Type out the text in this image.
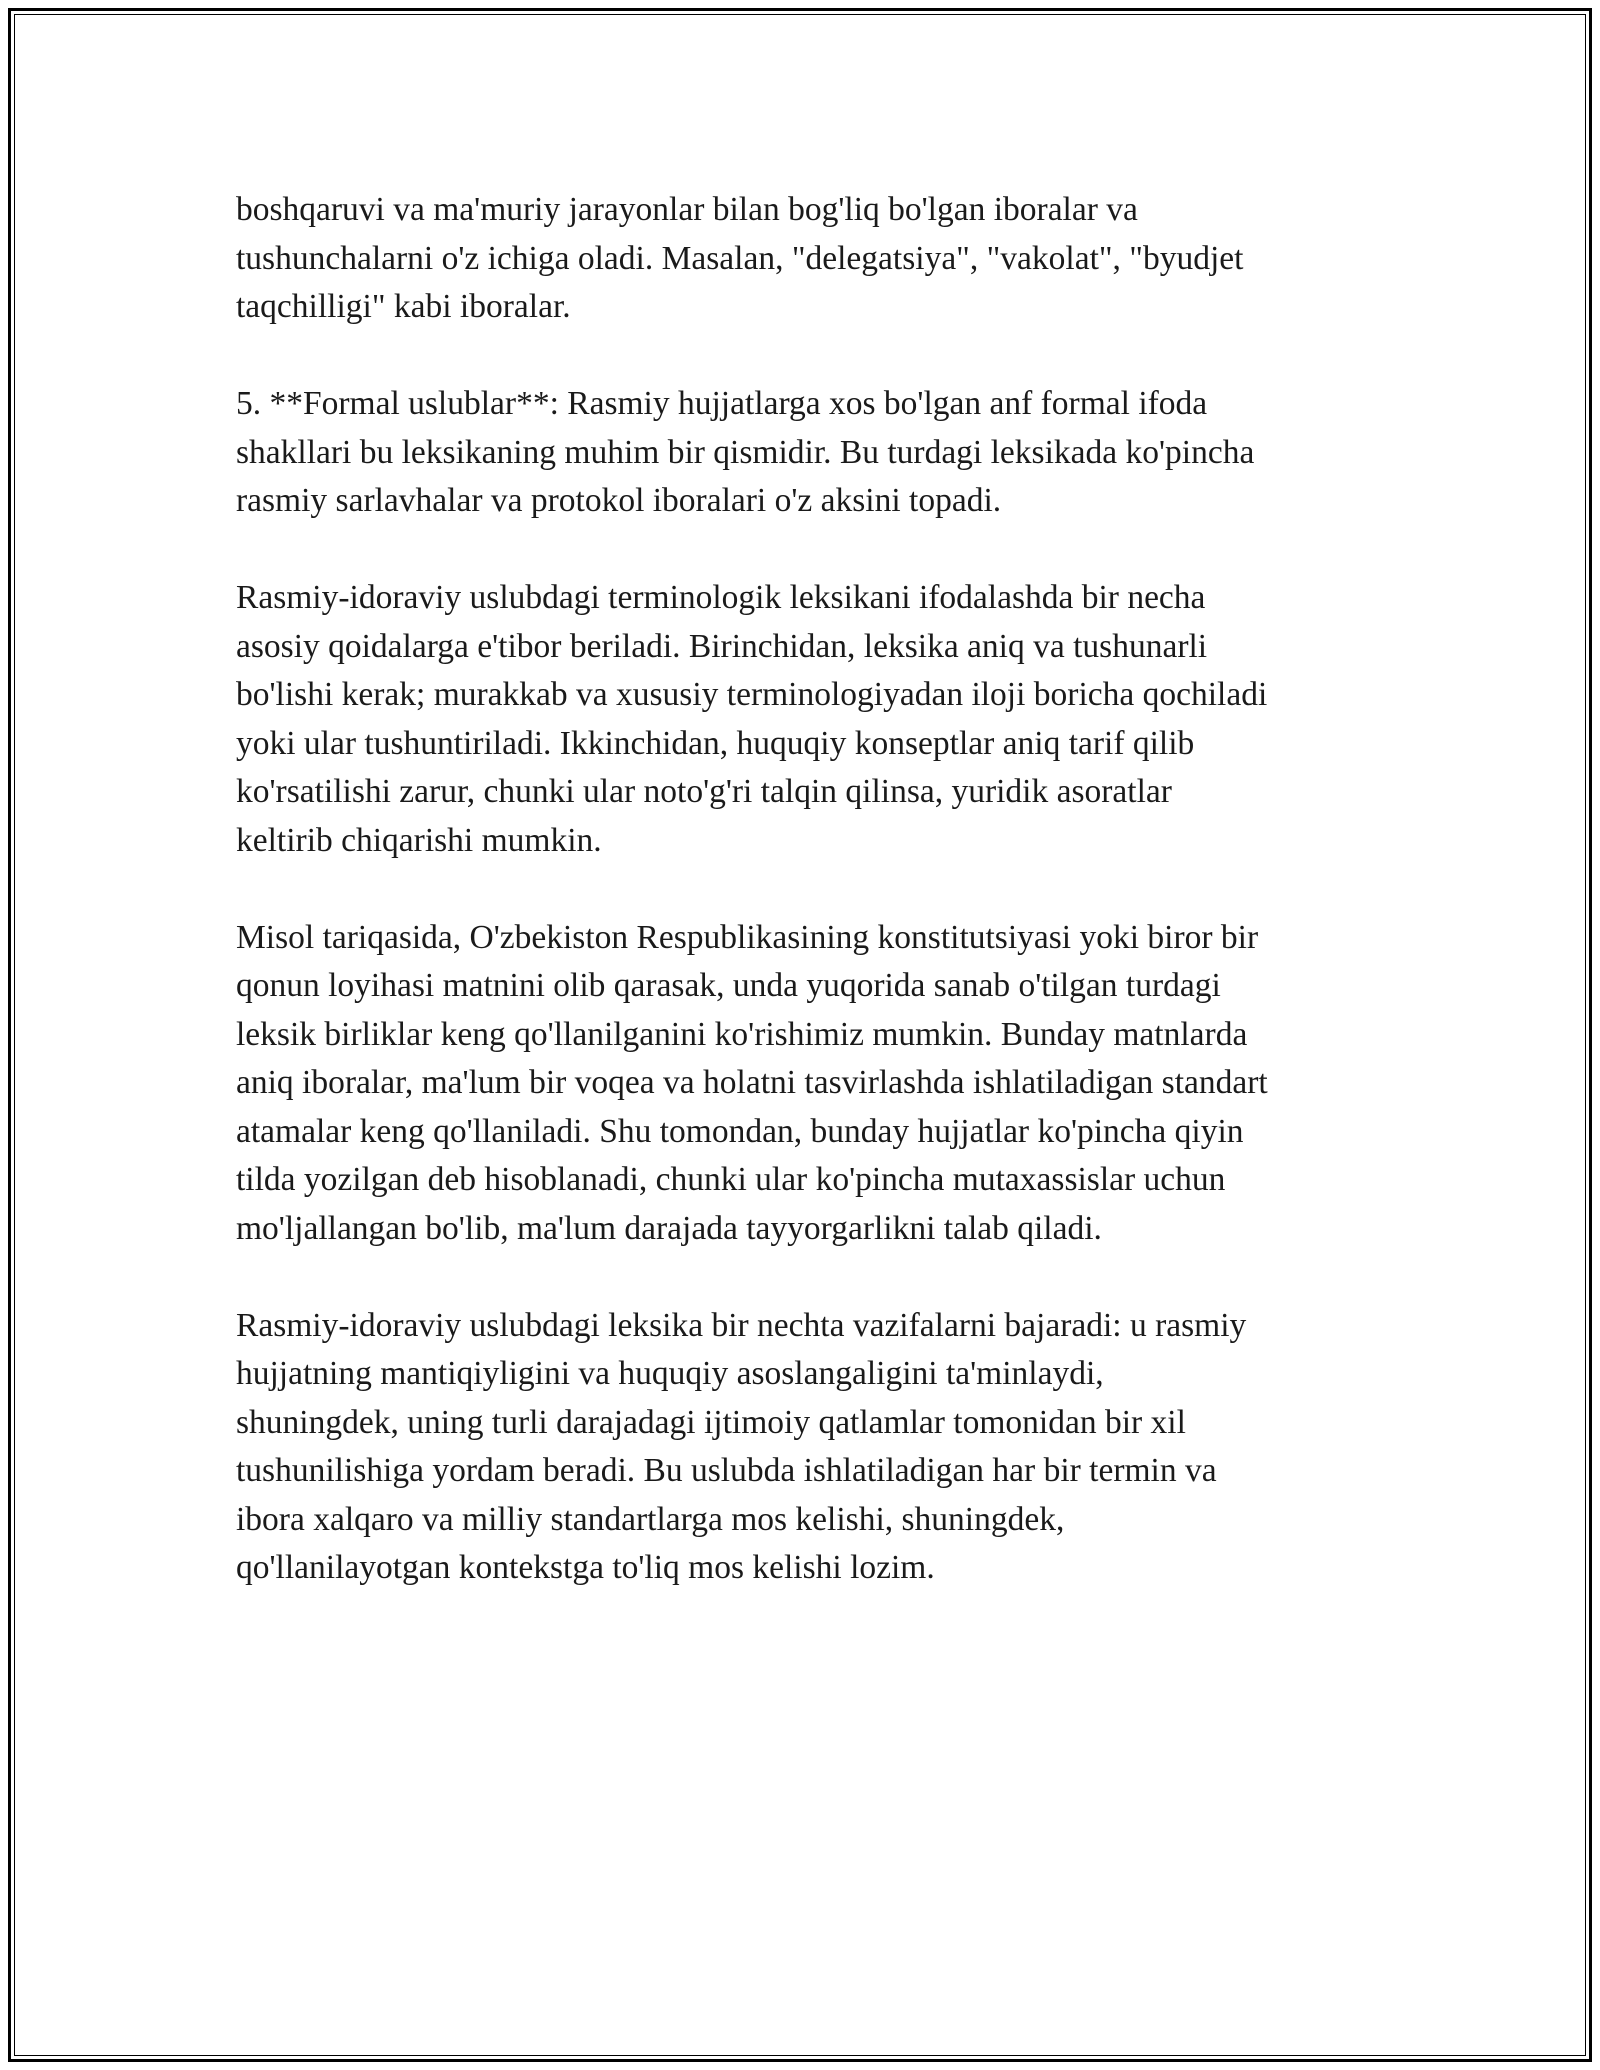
boshqaruvi va ma'muriy jarayonlar bilan bog'liq bo'lgan iboralar va
tushunchalarni o'z ichiga oladi. Masalan, "delegatsiya", "vakolat", "byudjet
taqchilligi" kabi iboralar.

5. **Formal uslublar**: Rasmiy hujjatlarga xos bo'lgan anf formal ifoda
shakllari bu leksikaning muhim bir qismidir. Bu turdagi leksikada ko'pincha
rasmiy sarlavhalar va protokol iboralari o'z aksini topadi.

Rasmiy-idoraviy uslubdagi terminologik leksikani ifodalashda bir necha
asosiy qoidalarga e'tibor beriladi. Birinchidan, leksika aniq va tushunarli
bo'lishi kerak; murakkab va xususiy terminologiyadan iloji boricha qochiladi
yoki ular tushuntiriladi. Ikkinchidan, huquqiy konseptlar aniq tarif qilib
ko'rsatilishi zarur, chunki ular noto'g'ri talqin qilinsa, yuridik asoratlar
keltirib chiqarishi mumkin.

Misol tariqasida, O'zbekiston Respublikasining konstitutsiyasi yoki biror bir
qonun loyihasi matnini olib qarasak, unda yuqorida sanab o'tilgan turdagi
leksik birliklar keng qo'llanilganini ko'rishimiz mumkin. Bunday matnlarda
aniq iboralar, ma'lum bir voqea va holatni tasvirlashda ishlatiladigan standart
atamalar keng qo'llaniladi. Shu tomondan, bunday hujjatlar ko'pincha qiyin
tilda yozilgan deb hisoblanadi, chunki ular ko'pincha mutaxassislar uchun
mo'ljallangan bo'lib, ma'lum darajada tayyorgarlikni talab qiladi.

Rasmiy-idoraviy uslubdagi leksika bir nechta vazifalarni bajaradi: u rasmiy
hujjatning mantiqiyligini va huquqiy asoslangaligini ta'minlaydi,
shuningdek, uning turli darajadagi ijtimoiy qatlamlar tomonidan bir xil
tushunilishiga yordam beradi. Bu uslubda ishlatiladigan har bir termin va
ibora xalqaro va milliy standartlarga mos kelishi, shuningdek,
qo'llanilayotgan kontekstga to'liq mos kelishi lozim.
